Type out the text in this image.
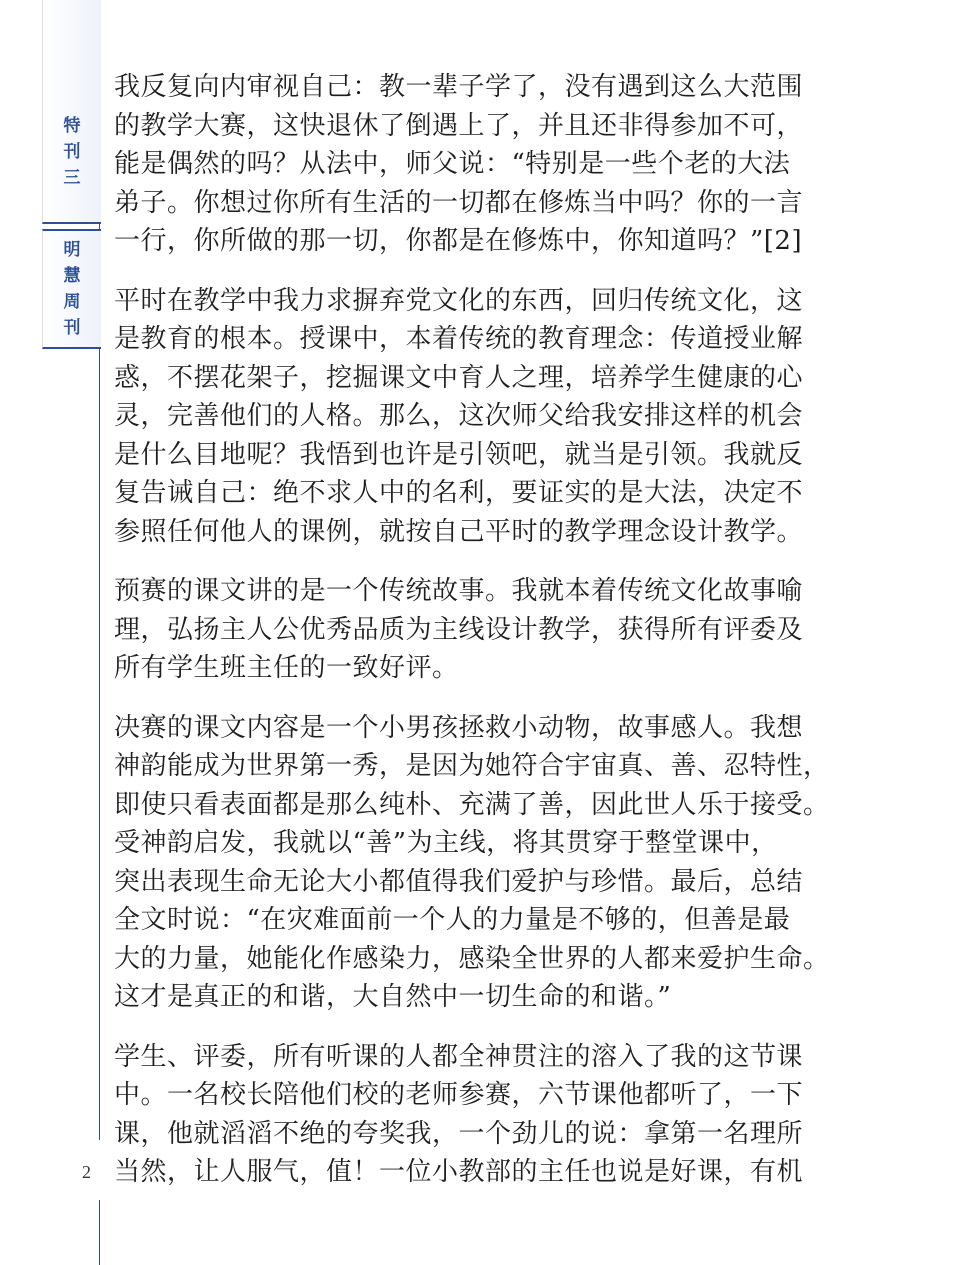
特
刊
三
明
慧
周
刊

我反复向内审视自己：教一辈子学了，没有遇到这么大范围
的教学大赛，这快退休了倒遇上了，并且还非得参加不可，
能是偶然的吗？从法中，师父说：“特别是一些个老的大法
弟子。你想过你所有生活的一切都在修炼当中吗？你的一言
一行，你所做的那一切，你都是在修炼中，你知道吗？”[2]

平时在教学中我力求摒弃党文化的东西，回归传统文化，这
是教育的根本。授课中，本着传统的教育理念：传道授业解
惑，不摆花架子，挖掘课文中育人之理，培养学生健康的心
灵，完善他们的人格。那么，这次师父给我安排这样的机会
是什么目地呢？我悟到也许是引领吧，就当是引领。我就反
复告诫自己：绝不求人中的名利，要证实的是大法，决定不
参照任何他人的课例，就按自己平时的教学理念设计教学。

预赛的课文讲的是一个传统故事。我就本着传统文化故事喻
理，弘扬主人公优秀品质为主线设计教学，获得所有评委及
所有学生班主任的一致好评。

决赛的课文内容是一个小男孩拯救小动物，故事感人。我想
神韵能成为世界第一秀，是因为她符合宇宙真、善、忍特性，
即使只看表面都是那么纯朴、充满了善，因此世人乐于接受。
受神韵启发，我就以“善”为主线，将其贯穿于整堂课中，
突出表现生命无论大小都值得我们爱护与珍惜。最后，总结
全文时说：“在灾难面前一个人的力量是不够的，但善是最
大的力量，她能化作感染力，感染全世界的人都来爱护生命。
这才是真正的和谐，大自然中一切生命的和谐。”

学生、评委，所有听课的人都全神贯注的溶入了我的这节课
中。一名校长陪他们校的老师参赛，六节课他都听了，一下
课，他就滔滔不绝的夸奖我，一个劲儿的说：拿第一名理所
当然，让人服气，值！一位小教部的主任也说是好课，有机

2
